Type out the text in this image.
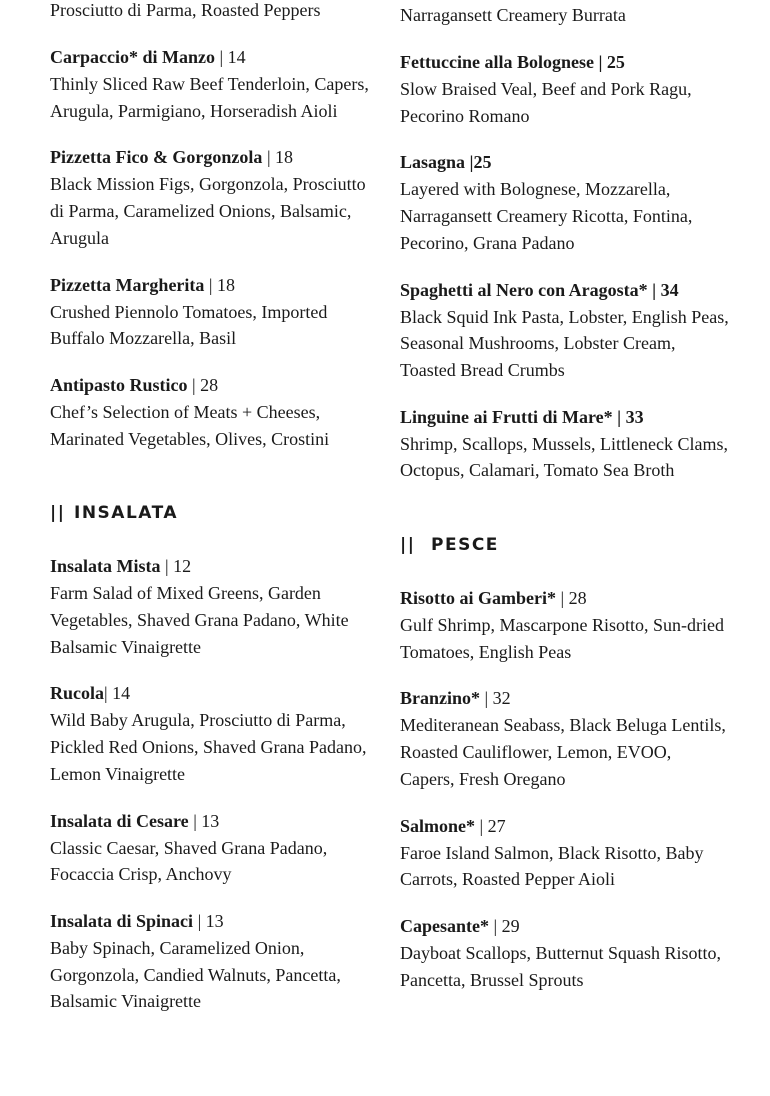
Prosciutto di Parma, Roasted Peppers

Carpaccio* di Manzo | 14

Thinly Sliced Raw Beef Tenderloin, Capers, Arugula, Parmigiano, Horseradish Aioli

Pizzetta Fico & Gorgonzola | 18

Black Mission Figs, Gorgonzola, Prosciutto di Parma, Caramelized Onions, Balsamic, Arugula

Pizzetta Margherita | 18

Crushed Piennolo Tomatoes, Imported Buffalo Mozzarella, Basil

Antipasto Rustico | 28

Chef’s Selection of Meats + Cheeses, Marinated Vegetables, Olives, Crostini

|| INSALATA

Insalata Mista | 12

Farm Salad of Mixed Greens, Garden Vegetables, Shaved Grana Padano, White Balsamic Vinaigrette

Rucola| 14

Wild Baby Arugula, Prosciutto di Parma, Pickled Red Onions, Shaved Grana Padano, Lemon Vinaigrette

Insalata di Cesare | 13

Classic Caesar, Shaved Grana Padano, Focaccia Crisp, Anchovy

Insalata di Spinaci | 13

Baby Spinach, Caramelized Onion, Gorgonzola, Candied Walnuts, Pancetta, Balsamic Vinaigrette

Narragansett Creamery Burrata

Fettuccine alla Bolognese | 25

Slow Braised Veal, Beef and Pork Ragu, Pecorino Romano

Lasagna |25

Layered with Bolognese, Mozzarella, Narragansett Creamery Ricotta, Fontina, Pecorino, Grana Padano

Spaghetti al Nero con Aragosta* | 34

Black Squid Ink Pasta, Lobster, English Peas, Seasonal Mushrooms, Lobster Cream, Toasted Bread Crumbs

Linguine ai Frutti di Mare* | 33

Shrimp, Scallops, Mussels, Littleneck Clams, Octopus, Calamari, Tomato Sea Broth

|| PESCE

Risotto ai Gamberi* | 28

Gulf Shrimp, Mascarpone Risotto, Sun-dried Tomatoes, English Peas

Branzino* | 32

Mediteranean Seabass, Black Beluga Lentils, Roasted Cauliflower, Lemon, EVOO, Capers, Fresh Oregano

Salmone* | 27

Faroe Island Salmon, Black Risotto, Baby Carrots, Roasted Pepper Aioli

Capesante* | 29

Dayboat Scallops, Butternut Squash Risotto, Pancetta, Brussel Sprouts
